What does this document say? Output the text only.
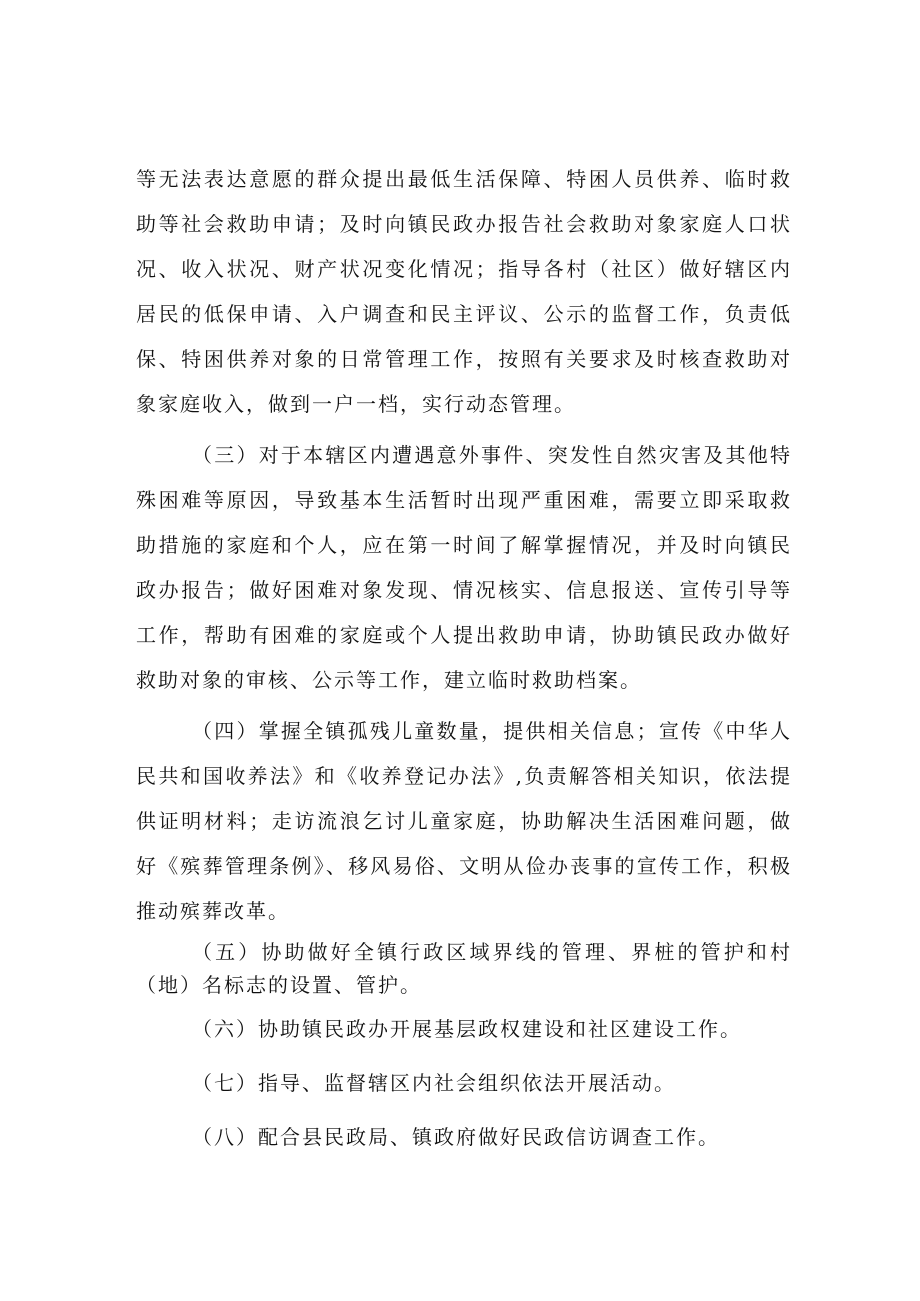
等无法表达意愿的群众提出最低生活保障、特困人员供养、临时救助等社会救助申请；及时向镇民政办报告社会救助对象家庭人口状况、收入状况、财产状况变化情况；指导各村（社区）做好辖区内居民的低保申请、入户调查和民主评议、公示的监督工作，负责低保、特困供养对象的日常管理工作，按照有关要求及时核查救助对象家庭收入，做到一户一档，实行动态管理。

（三）对于本辖区内遭遇意外事件、突发性自然灾害及其他特殊困难等原因，导致基本生活暂时出现严重困难，需要立即采取救助措施的家庭和个人，应在第一时间了解掌握情况，并及时向镇民政办报告；做好困难对象发现、情况核实、信息报送、宣传引导等工作，帮助有困难的家庭或个人提出救助申请，协助镇民政办做好救助对象的审核、公示等工作，建立临时救助档案。

（四）掌握全镇孤残儿童数量，提供相关信息；宣传《中华人民共和国收养法》和《收养登记办法》,负责解答相关知识，依法提供证明材料；走访流浪乞讨儿童家庭，协助解决生活困难问题，做好《殡葬管理条例》、移风易俗、文明从俭办丧事的宣传工作，积极推动殡葬改革。

（五）协助做好全镇行政区域界线的管理、界桩的管护和村（地）名标志的设置、管护。

（六）协助镇民政办开展基层政权建设和社区建设工作。

（七）指导、监督辖区内社会组织依法开展活动。

（八）配合县民政局、镇政府做好民政信访调查工作。
